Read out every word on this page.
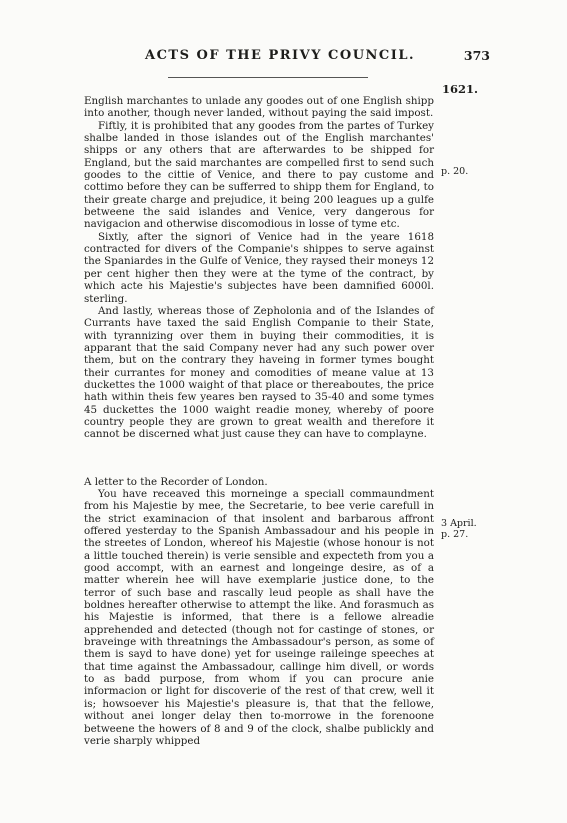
ACTS OF THE PRIVY COUNCIL.	373
1621.
p. 20.
3 April.
p. 27.

English marchantes to unlade any goodes out of one English shipp into another, though never landed, without paying the said impost.

Fiftly, it is prohibited that any goodes from the partes of Turkey shalbe landed in those islandes out of the English marchantes' shipps or any others that are afterwardes to be shipped for England, but the said marchantes are compelled first to send such goodes to the cittie of Venice, and there to pay custome and cottimo before they can be sufferred to shipp them for England, to their greate charge and prejudice, it being 200 leagues up a gulfe betweene the said islandes and Venice, very dangerous for navigacion and otherwise discomodious in losse of tyme etc.

Sixtly, after the signori of Venice had in the yeare 1618 contracted for divers of the Companie's shippes to serve against the Spaniardes in the Gulfe of Venice, they raysed their moneys 12 per cent higher then they were at the tyme of the contract, by which acte his Majestie's subjectes have been damnified 6000l. sterling.

And lastly, whereas those of Zepholonia and of the Islandes of Currants have taxed the said English Companie to their State, with tyrannizing over them in buying their commodities, it is apparant that the said Company never had any such power over them, but on the contrary they haveing in former tymes bought their currantes for money and comodities of meane value at 13 duckettes the 1000 waight of that place or thereaboutes, the price hath within theis few yeares ben raysed to 35-40 and some tymes 45 duckettes the 1000 waight readie money, whereby of poore country people they are grown to great wealth and therefore it cannot be discerned what just cause they can have to complayne.

A letter to the Recorder of London.

You have receaved this morneinge a speciall commaundment from his Majestie by mee, the Secretarie, to bee verie carefull in the strict examinacion of that insolent and barbarous affront offered yesterday to the Spanish Ambassadour and his people in the streetes of London, whereof his Majestie (whose honour is not a little touched therein) is verie sensible and expecteth from you a good accompt, with an earnest and longeinge desire, as of a matter wherein hee will have exemplarie justice done, to the terror of such base and rascally leud people as shall have the boldnes hereafter otherwise to attempt the like. And forasmuch as his Majestie is informed, that there is a fellowe alreadie apprehended and detected (though not for castinge of stones, or braveinge with threatnings the Ambassadour's person, as some of them is sayd to have done) yet for useinge raileinge speeches at that time against the Ambassadour, callinge him divell, or words to as badd purpose, from whom if you can procure anie informacion or light for discoverie of the rest of that crew, well it is; howsoever his Majestie's pleasure is, that that the fellowe, without anei longer delay then to-morrowe in the forenoone betweene the howers of 8 and 9 of the clock, shalbe publickly and verie sharply whipped
